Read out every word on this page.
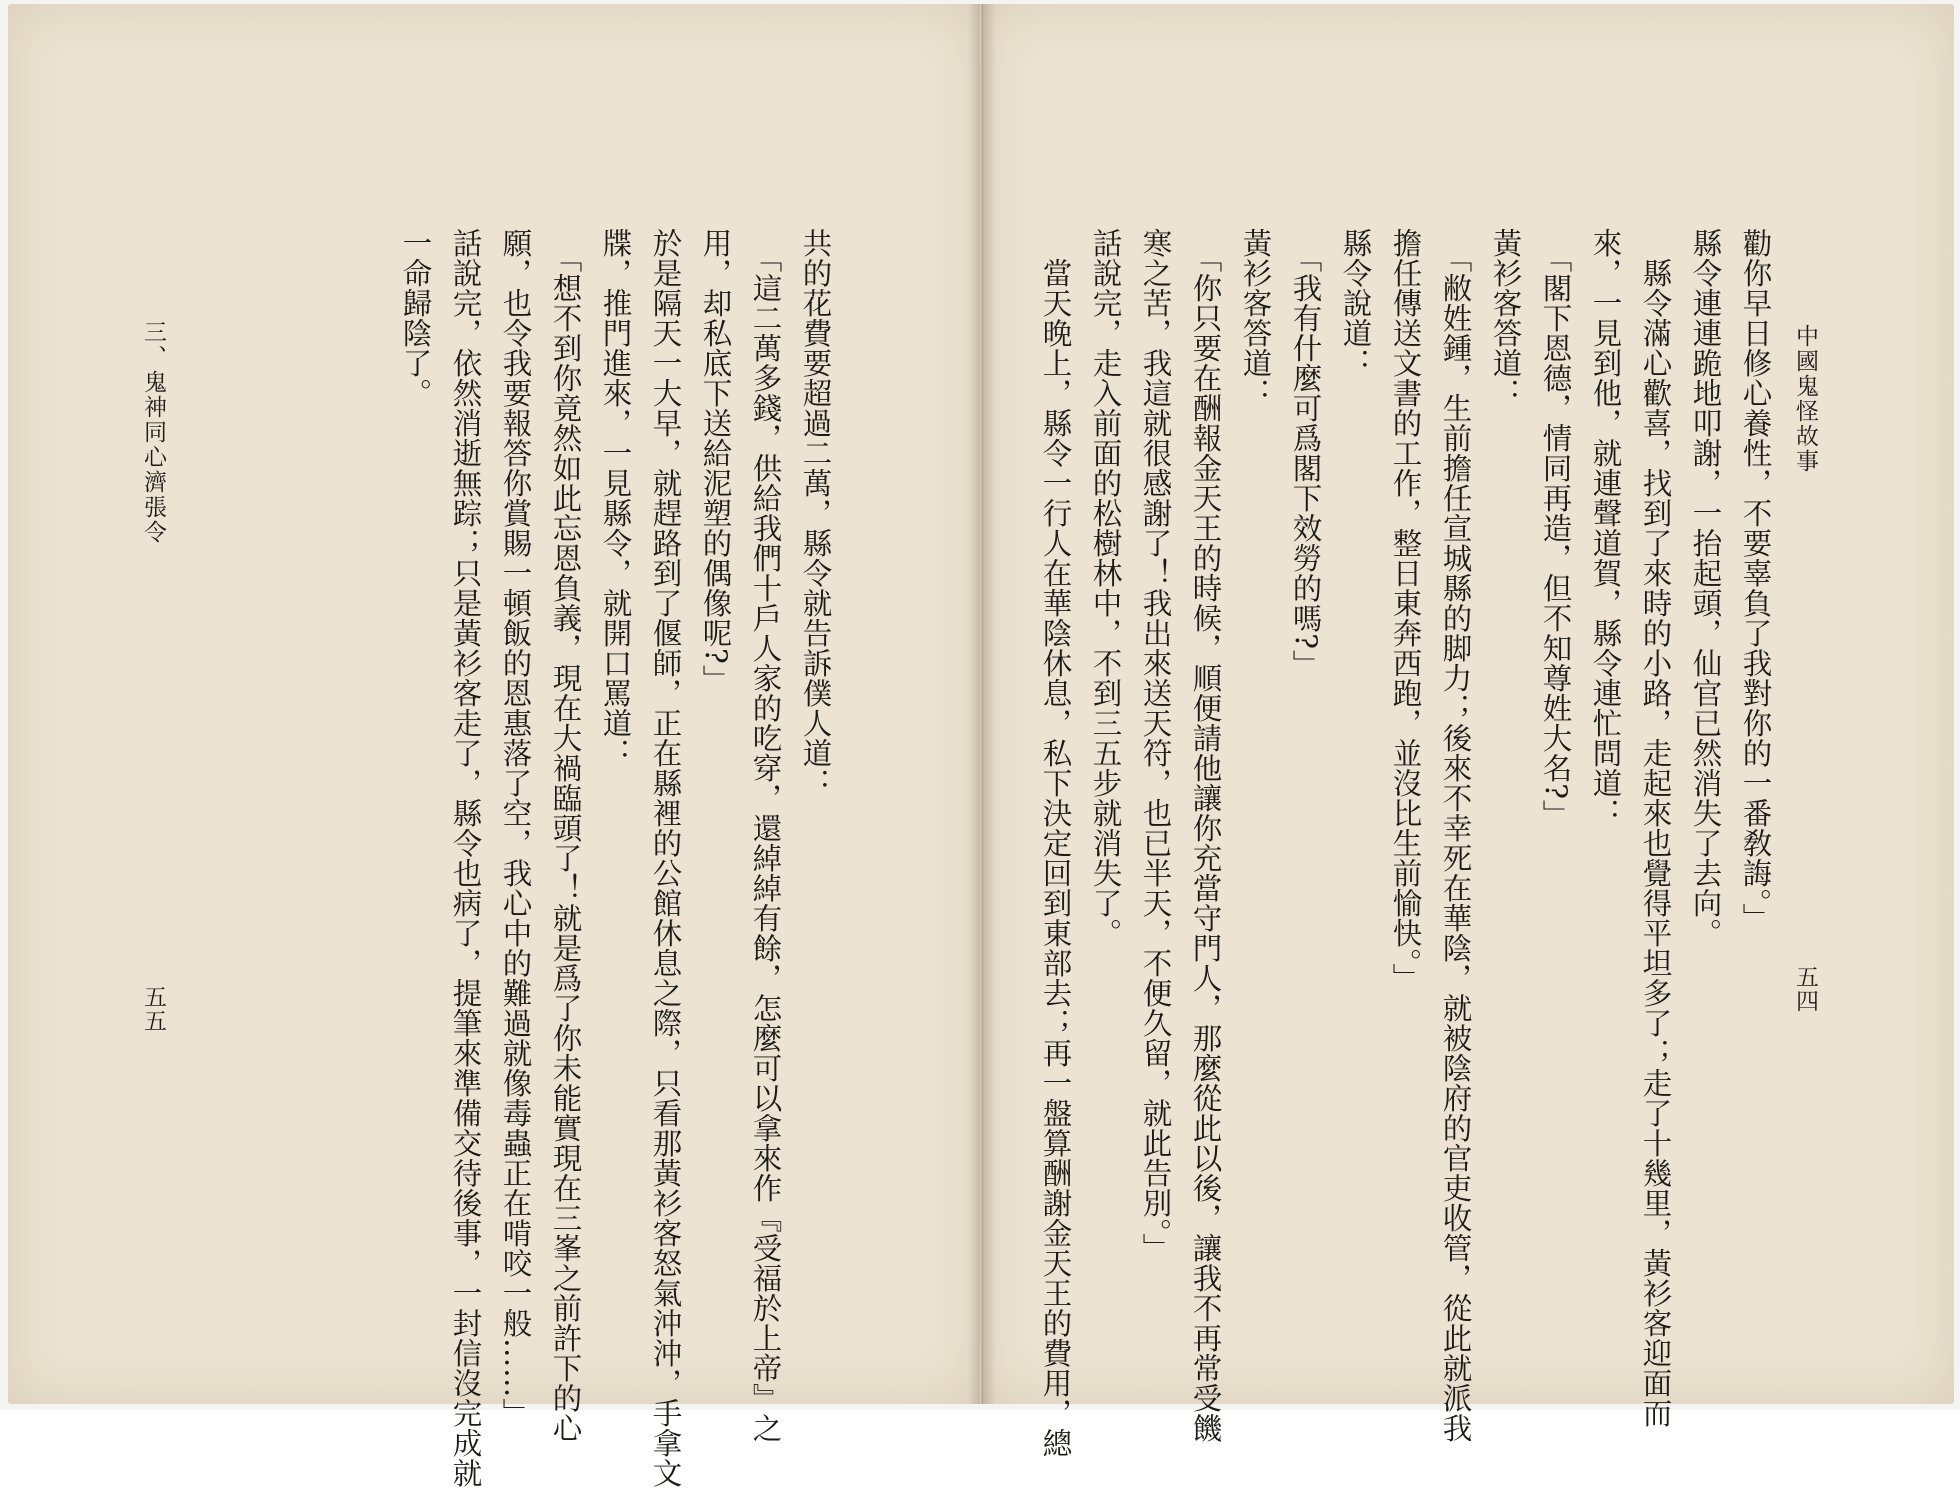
中國鬼怪故事
五四
勸你早日修心養性，不要辜負了我對你的一番敎誨。」
縣令連連跪地叩謝，一抬起頭，仙官已然消失了去向。
　縣令滿心歡喜，找到了來時的小路，走起來也覺得平坦多了；走了十幾里，黃衫客迎面而
來，一見到他，就連聲道賀，縣令連忙問道：
　「閣下恩德，情同再造，但不知尊姓大名?」
黃衫客答道：
　「敝姓鍾，生前擔任宣城縣的脚力；後來不幸死在華陰，就被陰府的官吏收管，從此就派我
擔任傳送文書的工作，整日東奔西跑，並沒比生前愉快。」
縣令說道：
　「我有什麼可爲閣下效勞的嗎?」
黃衫客答道：
　「你只要在酬報金天王的時候，順便請他讓你充當守門人，那麼從此以後，讓我不再常受饑
寒之苦，我這就很感謝了！我出來送天符，也已半天，不便久留，就此告別。」
話說完，走入前面的松樹林中，不到三五步就消失了。
　當天晚上，縣令一行人在華陰休息，私下決定回到東部去；再一盤算酬謝金天王的費用，總
共的花費要超過二萬，縣令就告訴僕人道：
　「這二萬多錢，供給我們十戶人家的吃穿，還綽綽有餘，怎麼可以拿來作『受福於上帝』之
用，却私底下送給泥塑的偶像呢?」
於是隔天一大早，就趕路到了偃師，正在縣裡的公館休息之際，只看那黃衫客怒氣沖沖，手拿文
牒，推門進來，一見縣令，就開口罵道：
　「想不到你竟然如此忘恩負義，現在大禍臨頭了！就是爲了你未能實現在三峯之前許下的心
願，也令我要報答你賞賜一頓飯的恩惠落了空，我心中的難過就像毒蟲正在啃咬一般……」
話說完，依然消逝無踪；只是黃衫客走了，縣令也病了，提筆來準備交待後事，一封信沒完成就
一命歸陰了。
三、鬼神同心濟張令
五五
